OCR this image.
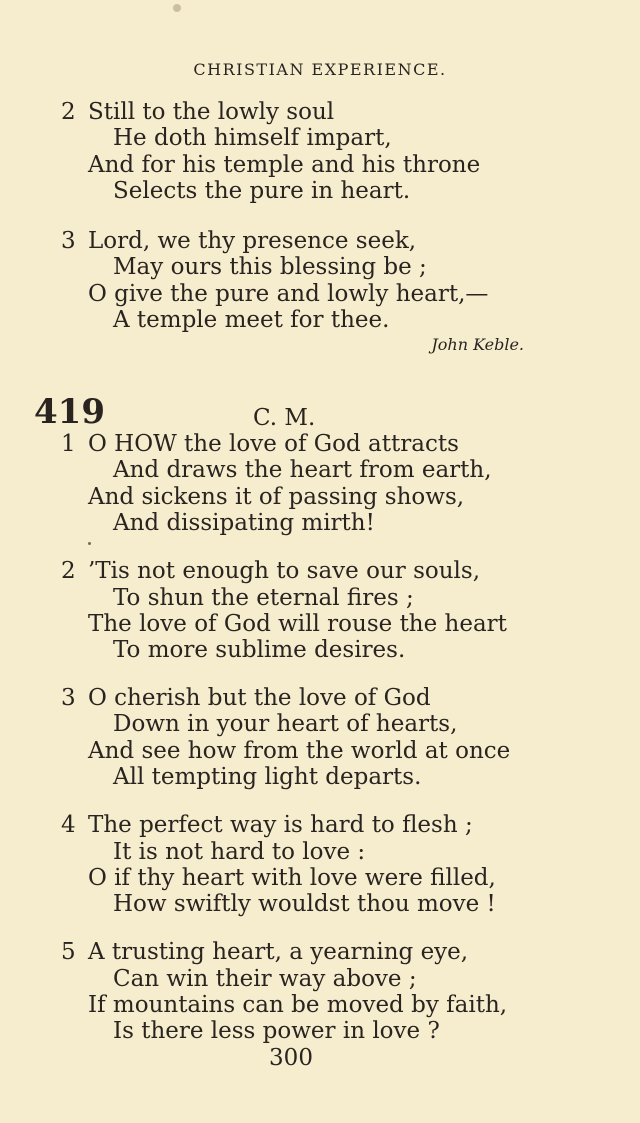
CHRISTIAN EXPERIENCE.
2 Still to the lowly soul
He doth himself impart,
And for his temple and his throne
Selects the pure in heart.
3 Lord, we thy presence seek,
May ours this blessing be ;
O give the pure and lowly heart,—
A temple meet for thee.
John Keble.
419	C. M.
1 O HOW the love of God attracts
And draws the heart from earth,
And sickens it of passing shows,
And dissipating mirth!
2 ’Tis not enough to save our souls,
To shun the eternal fires ;
The love of God will rouse the heart
To more sublime desires.
3 O cherish but the love of God
Down in your heart of hearts,
And see how from the world at once
All tempting light departs.
4 The perfect way is hard to flesh ;
It is not hard to love :
O if thy heart with love were filled,
How swiftly wouldst thou move !
5 A trusting heart, a yearning eye,
Can win their way above ;
If mountains can be moved by faith,
Is there less power in love ?
300
